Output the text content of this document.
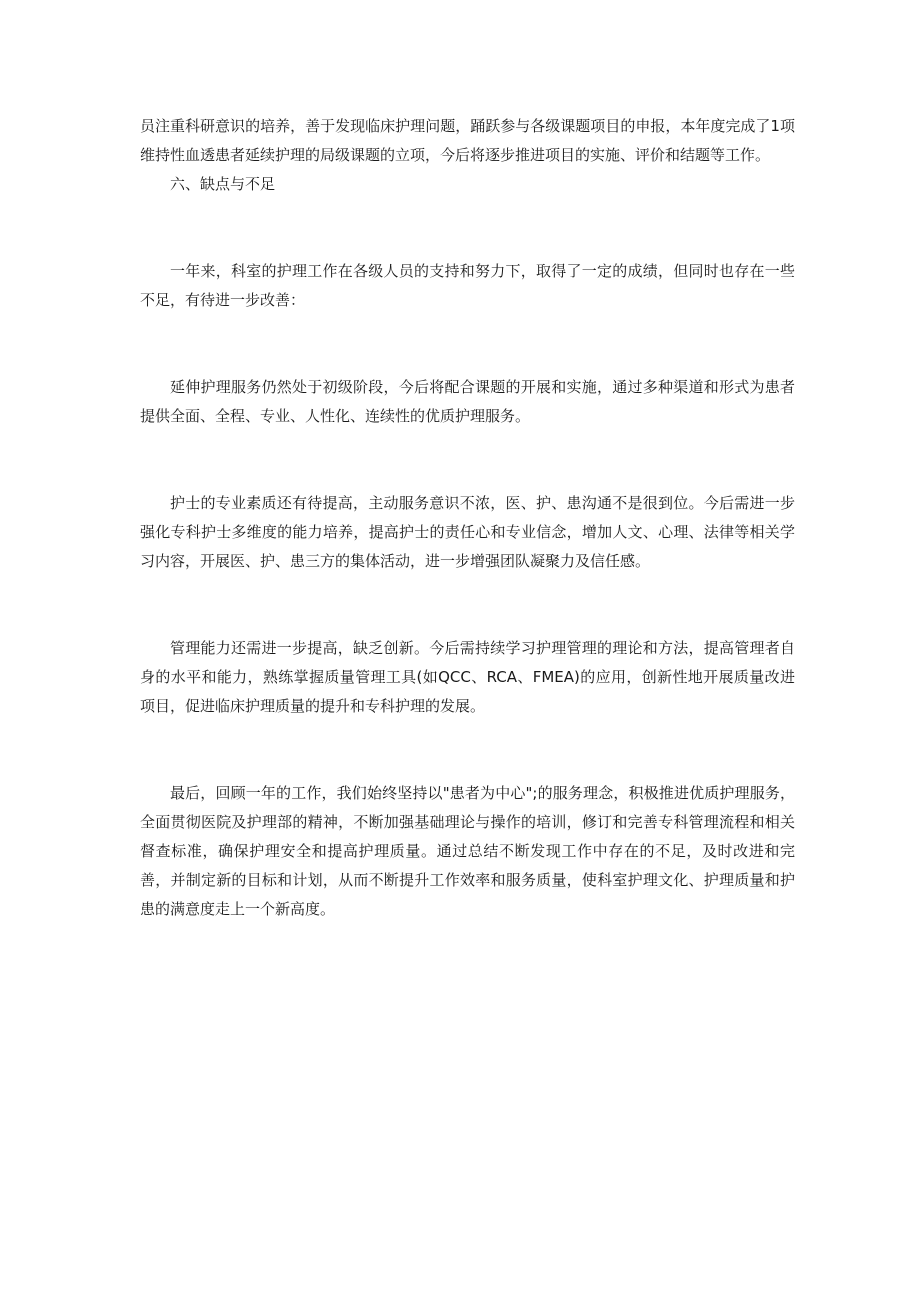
员注重科研意识的培养，善于发现临床护理问题，踊跃参与各级课题项目的申报，本年度完成了1项维持性血透患者延续护理的局级课题的立项，今后将逐步推进项目的实施、评价和结题等工作。

六、缺点与不足

一年来，科室的护理工作在各级人员的支持和努力下，取得了一定的成绩，但同时也存在一些不足，有待进一步改善：

延伸护理服务仍然处于初级阶段，今后将配合课题的开展和实施，通过多种渠道和形式为患者提供全面、全程、专业、人性化、连续性的优质护理服务。

护士的专业素质还有待提高，主动服务意识不浓，医、护、患沟通不是很到位。今后需进一步强化专科护士多维度的能力培养，提高护士的责任心和专业信念，增加人文、心理、法律等相关学习内容，开展医、护、患三方的集体活动，进一步增强团队凝聚力及信任感。

管理能力还需进一步提高，缺乏创新。今后需持续学习护理管理的理论和方法，提高管理者自身的水平和能力，熟练掌握质量管理工具(如QCC、RCA、FMEA)的应用，创新性地开展质量改进项目，促进临床护理质量的提升和专科护理的发展。

最后，回顾一年的工作，我们始终坚持以"患者为中心";的服务理念，积极推进优质护理服务，全面贯彻医院及护理部的精神，不断加强基础理论与操作的培训，修订和完善专科管理流程和相关督查标准，确保护理安全和提高护理质量。通过总结不断发现工作中存在的不足，及时改进和完善，并制定新的目标和计划，从而不断提升工作效率和服务质量，使科室护理文化、护理质量和护患的满意度走上一个新高度。
